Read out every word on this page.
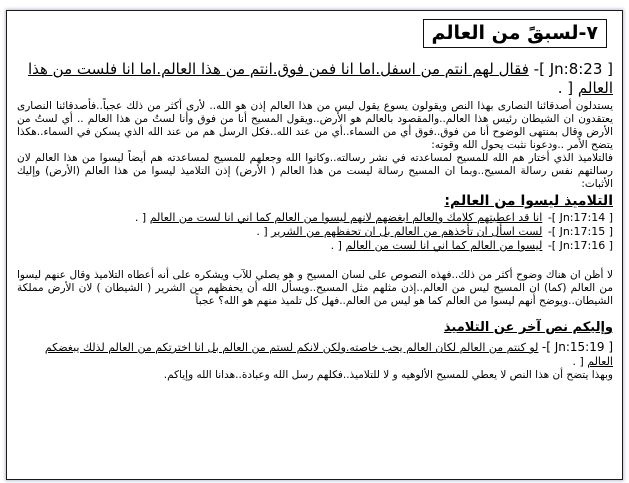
٧-لسبقً من العالم
[ Jn:8:23 ]- فقال لهم انتم من اسفل.اما انا فمن فوق.انتم من هذا العالم.اما انا فلست من هذا العالم [ .

يستدلون أصدقائنا النصارى بهذا النص ويقولون يسوع يقول ليس من هذا العالم إذن هو الله.. لأرى أكثر من ذلك عجباً..فأصدقائنا النصارى يعتقدون ان الشيطان رئيس هذا العالم..والمقصود بالعالم هو الأرض..ويقول المسيح أنا من فوق وأنا لستُ من هذا العالم .. أي لستُ من الأرض وقال بمنتهى الوضوح أنا من فوق..فوق أي من السماء..أي من عند الله..فكل الرسل هم من عند الله الذي يسكن في السماء..هكذا يتضح الأمر ..ودعونا نثبت يحول الله وقوته:

فالتلاميذ الذي أختار هم الله للمسيح لمساعدته في نشر رسالته..وكانوا الله وجعلهم للمسيح لمساعدته هم أيضاً ليسوا من هذا العالم لان رسالتهم نفس رسالة المسيح..وبما ان المسيح رسالة ليست من هذا العالم ( الأرض) إذن التلاميذ ليسوا من هذا العالم (الأرض) وإليك الأثبات:

التلاميذ ليسوا من العالم:
[ Jn:17:14 ]- انا قد اعطيتهم كلامك والعالم ابغضهم لانهم ليسوا من العالم كما اني انا لست من العالم [ .
[ Jn:17:15 ]- لست اسأل ان تأخذهم من العالم بل ان تحفظهم من الشرير [ .
[ Jn:17:16 ]- ليسوا من العالم كما اني انا لست من العالم [ .

لا أظن ان هناك وضوح أكثر من ذلك..فهذه النصوص على لسان المسيح و هو يصلي للآب ويشكره على أنه أعطاه التلاميذ وقال عنهم ليسوا من العالم (كما) ان المسيح ليس من العالم..إذن مثلهم مثل المسيح..ويسأل الله أن يحفظهم من الشرير ( الشيطان ) لان الأرض مملكة الشيطان..ويوضح أنهم ليسوا من العالم كما هو ليس من العالم..فهل كل تلميذ منهم هو الله؟ عجباً

وإليكم نص آخر عن التلاميذ
[ Jn:15:19 ]- لو كنتم من العالم لكان العالم يحب خاصته.ولكن لانكم لستم من العالم بل انا اخترتكم من العالم لذلك يبغضكم العالم [ .

وبهذا يتضح أن هذا النص لا يعطي للمسيح الألوهيه و لا للتلاميذ..فكلهم رسل الله وعبادة..هدانا الله وإياكم.
